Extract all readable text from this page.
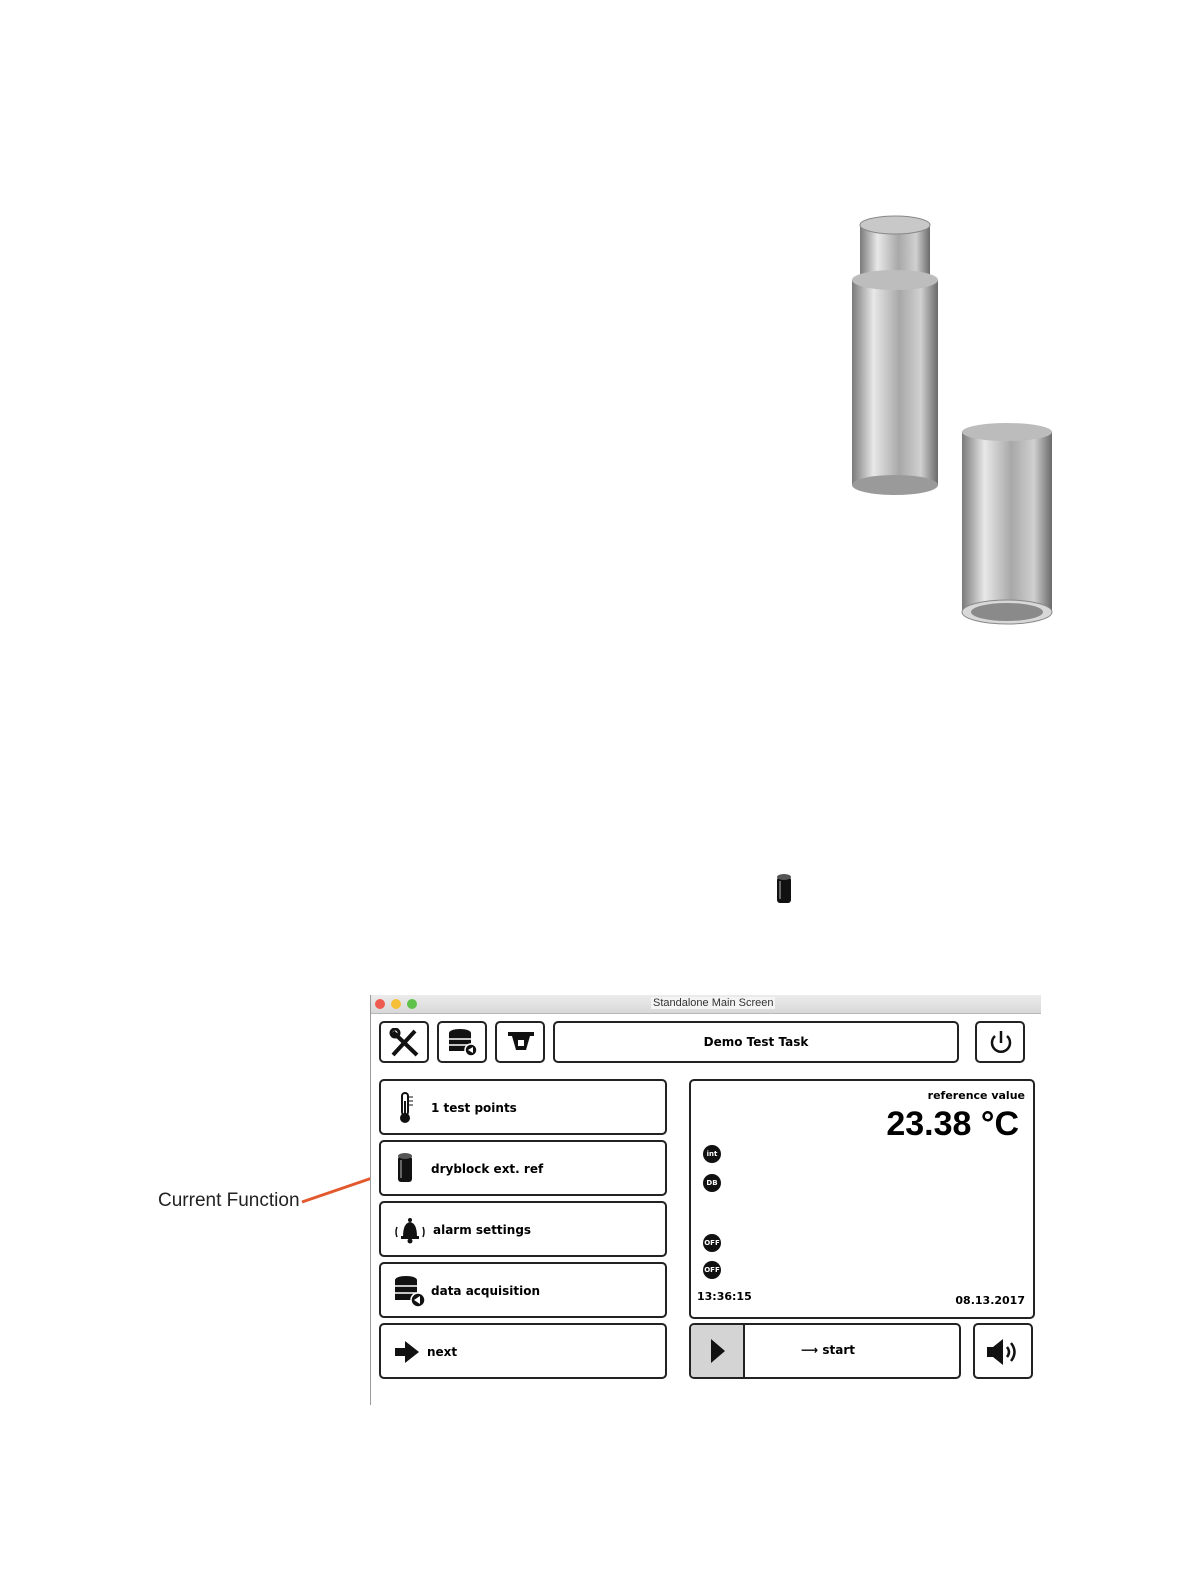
Current Function
Standalone Main Screen
Demo Test Task
1 test points
dryblock ext. ref
alarm settings
data acquisition
next
reference value
23.38 °C
int
DB
OFF
OFF
13:36:15	08.13.2017
⟶ start
